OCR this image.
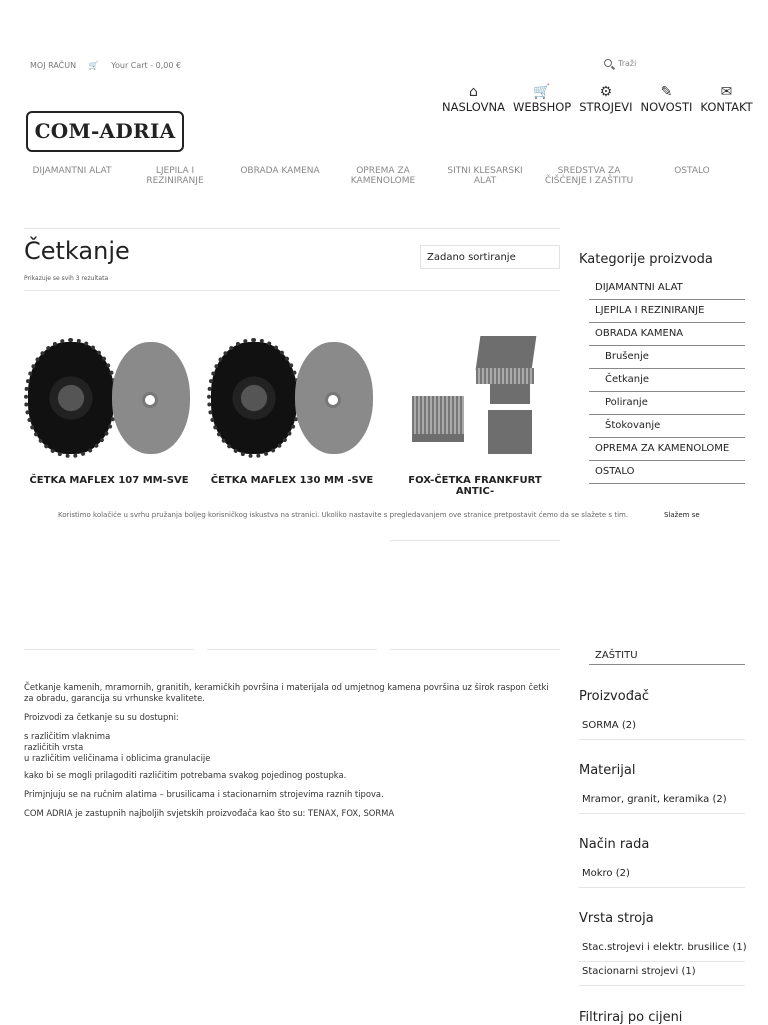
MOJ RAČUN 🛒 Your Cart - 0,00 €	Traži
COM-ADRIA
⌂
NASLOVNA
🛒
WEBSHOP
⚙
STROJEVI
✎
NOVOSTI
✉
KONTAKT
DIJAMANTNI ALAT	LJEPILA I
REZINIRANJE
OBRADA KAMENA	OPREMA ZA
KAMENOLOME
SITNI KLESARSKI
ALAT
SREDSTVA ZA
ČIŠĆENJE I ZAŠTITU
OSTALO
Četkanje
Prikazuje se svih 3 rezultata
Zadano sortiranje	Kategorije proizvoda
DIJAMANTNI ALAT
LJEPILA I REZINIRANJE
OBRADA KAMENA
Brušenje
Četkanje
Poliranje
Štokovanje
OPREMA ZA KAMENOLOME
OSTALO
ČETKA MAFLEX 107 MM-SVE	ČETKA MAFLEX 130 MM -SVE	FOX-ČETKA FRANKFURT ANTIC-
Koristimo kolačiće u svrhu pružanja boljeg korisničkog iskustva na stranici. Ukoliko nastavite s pregledavanjem ove stranice pretpostavit ćemo da se slažete s tim.	Slažem se
ZAŠTITU

Četkanje kamenih, mramornih, granitih, keramičkih površina i materijala od umjetnog kamena površina uz širok raspon četki za obradu, garancija su vrhunske kvalitete.

Proizvodi za četkanje su su dostupni:

s različitim vlaknima
različitih vrsta
u različitim veličinama i oblicima granulacije

kako bi se mogli prilagoditi različitim potrebama svakog pojedinog postupka.

Primjnjuju se na ručnim alatima – brusilicama i stacionarnim strojevima raznih tipova.

COM ADRIA je zastupnih najboljih svjetskih proizvođača kao što su: TENAX, FOX, SORMA

Proizvođač
SORMA (2)
Materijal
Mramor, granit, keramika (2)
Način rada
Mokro (2)
Vrsta stroja
Stac.strojevi i elektr. brusilice (1)
Stacionarni strojevi (1)
Filtriraj po cijeni
